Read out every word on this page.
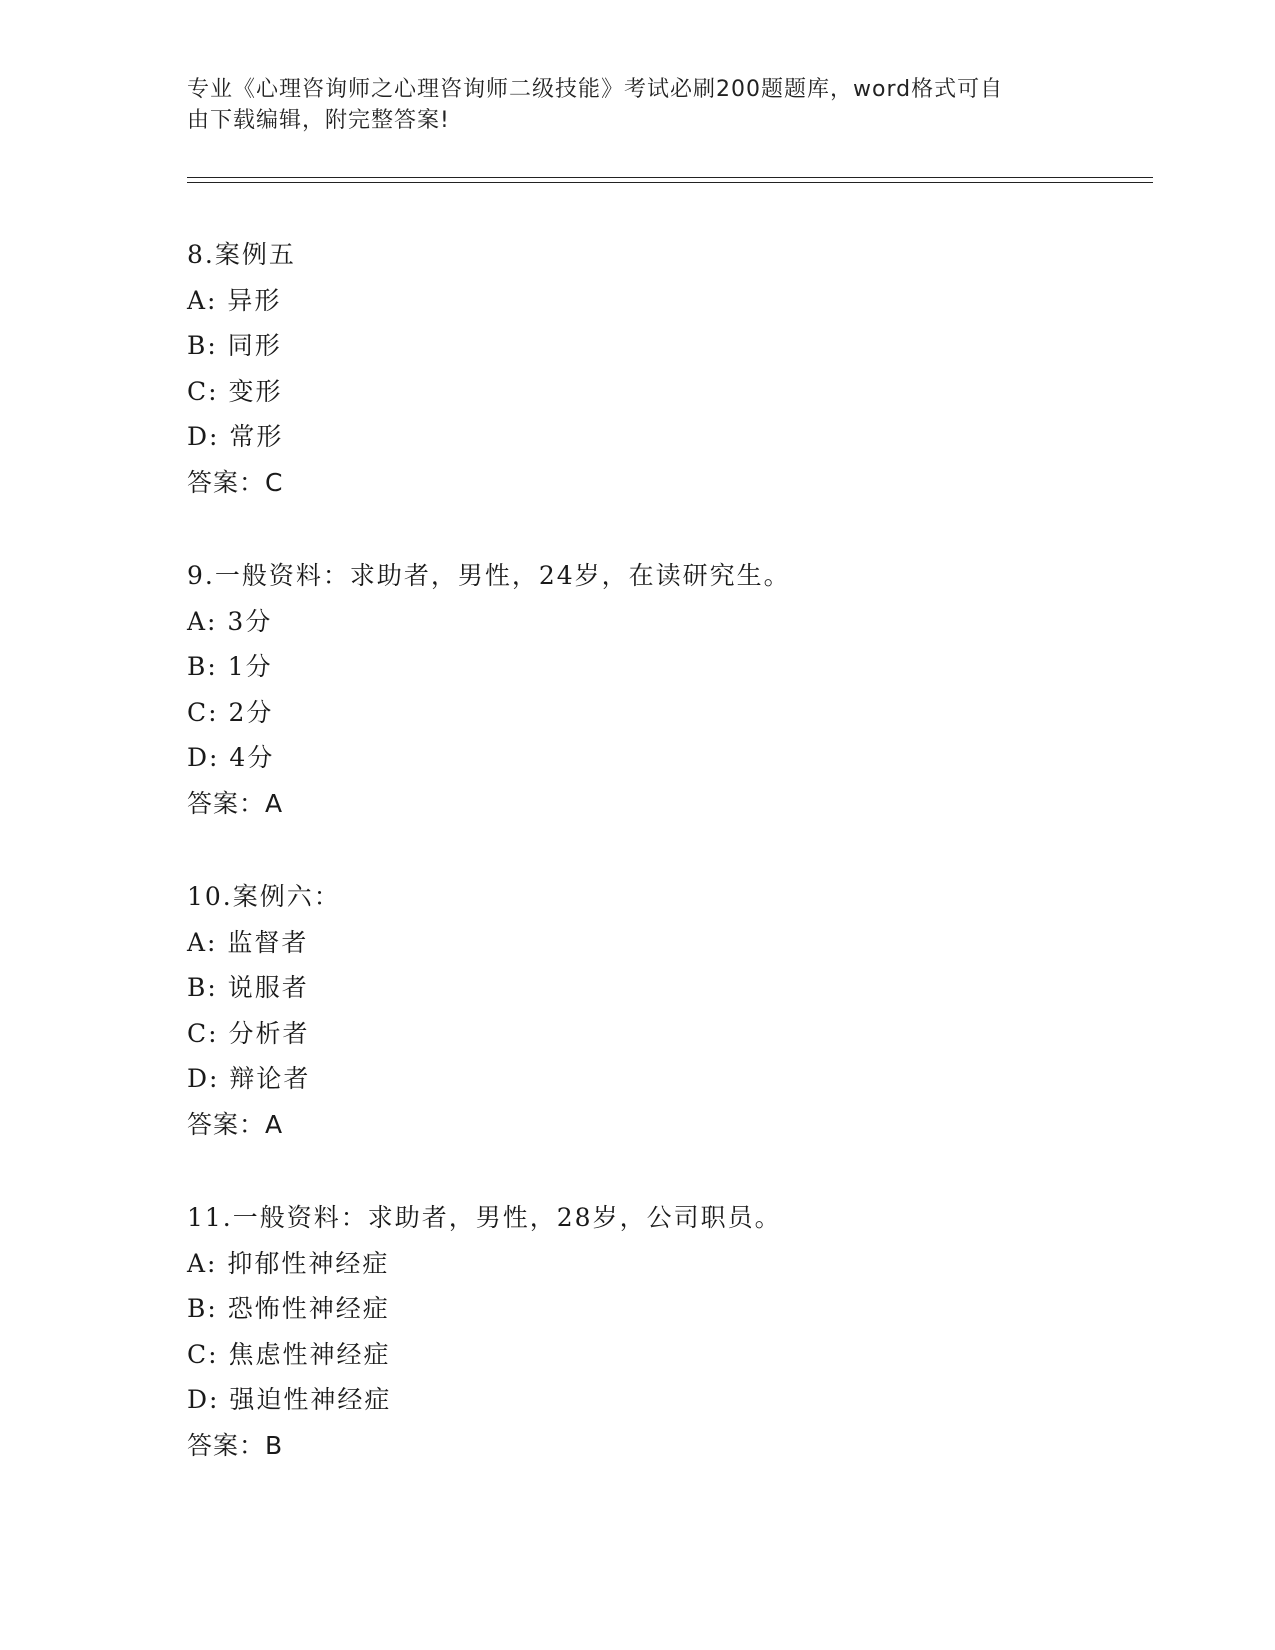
专业《心理咨询师之心理咨询师二级技能》考试必刷200题题库，word格式可自
由下载编辑，附完整答案!
8.案例五
A: 异形
B: 同形
C: 变形
D: 常形
答案：C
9.一般资料：求助者，男性，24岁，在读研究生。
A: 3分
B: 1分
C: 2分
D: 4分
答案：A
10.案例六：
A: 监督者
B: 说服者
C: 分析者
D: 辩论者
答案：A
11.一般资料：求助者，男性，28岁，公司职员。
A: 抑郁性神经症
B: 恐怖性神经症
C: 焦虑性神经症
D: 强迫性神经症
答案：B
